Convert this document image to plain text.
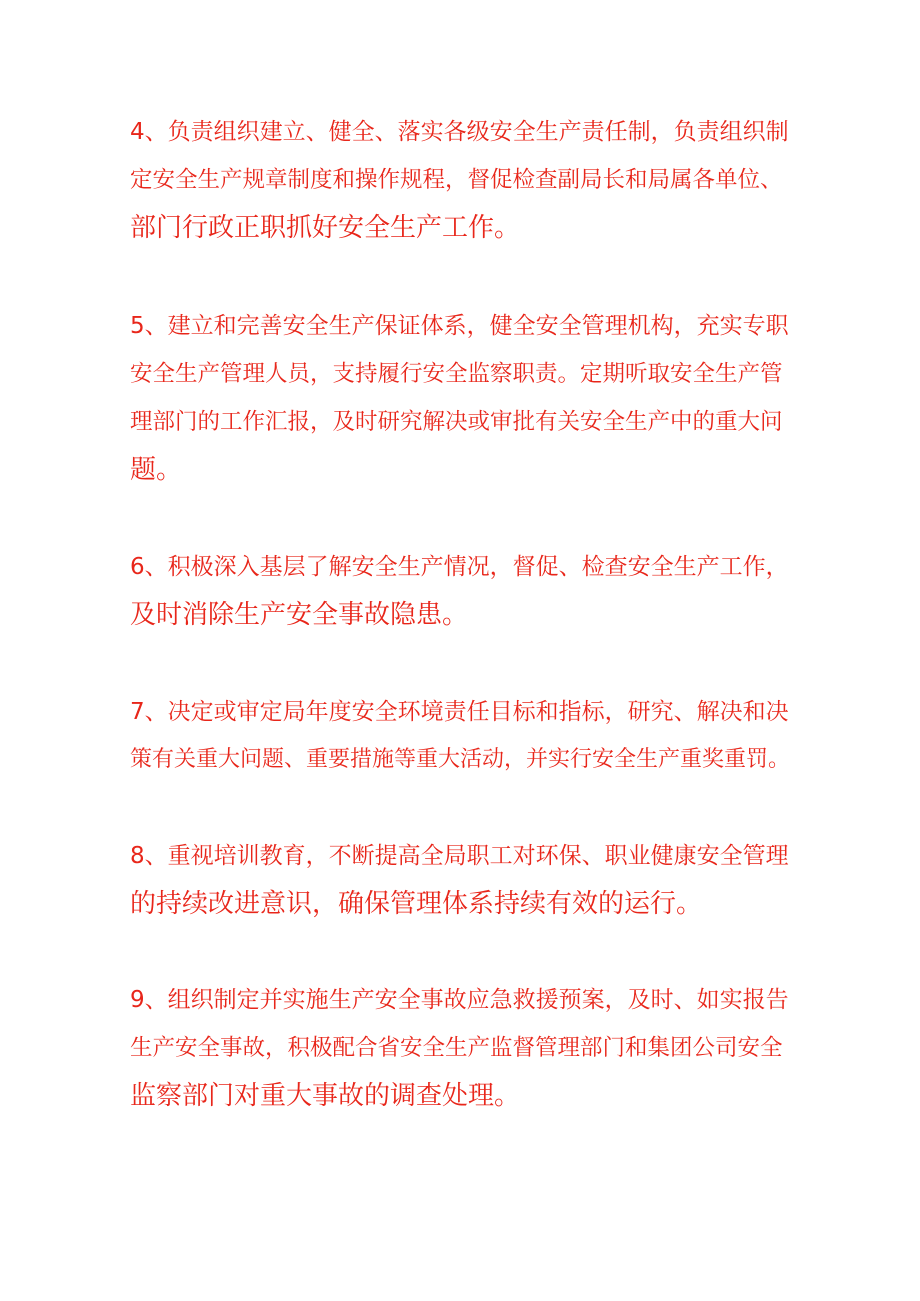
4、负责组织建立、健全、落实各级安全生产责任制，负责组织制
定安全生产规章制度和操作规程，督促检查副局长和局属各单位、
部门行政正职抓好安全生产工作。

5、建立和完善安全生产保证体系，健全安全管理机构，充实专职
安全生产管理人员，支持履行安全监察职责。定期听取安全生产管
理部门的工作汇报，及时研究解决或审批有关安全生产中的重大问
题。

6、积极深入基层了解安全生产情况，督促、检查安全生产工作，
及时消除生产安全事故隐患。

7、决定或审定局年度安全环境责任目标和指标，研究、解决和决
策有关重大问题、重要措施等重大活动，并实行安全生产重奖重罚。

8、重视培训教育，不断提高全局职工对环保、职业健康安全管理
的持续改进意识，确保管理体系持续有效的运行。

9、组织制定并实施生产安全事故应急救援预案，及时、如实报告
生产安全事故，积极配合省安全生产监督管理部门和集团公司安全
监察部门对重大事故的调查处理。
